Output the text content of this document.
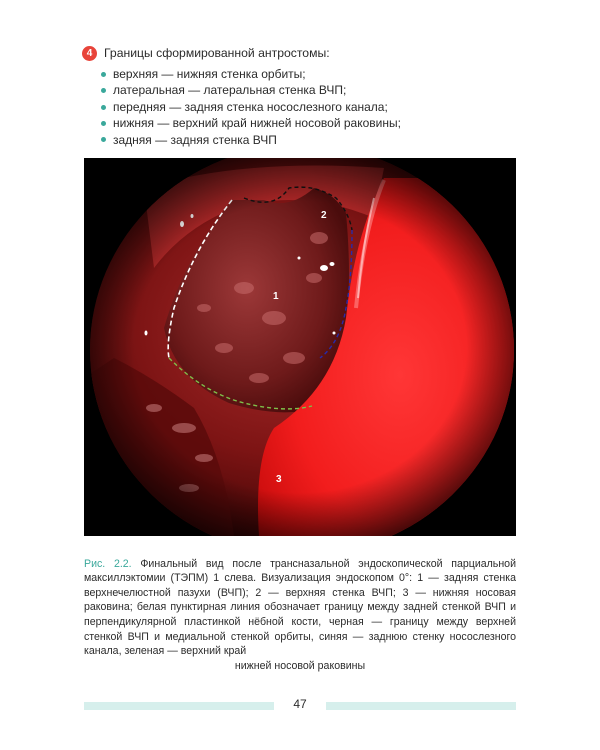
4 Границы сформированной антростомы:
верхняя — нижняя стенка орбиты;
латеральная — латеральная стенка ВЧП;
передняя — задняя стенка носослезного канала;
нижняя — верхний край нижней носовой раковины;
задняя — задняя стенка ВЧП
1
2
3

Рис. 2.2. Финальный вид после трансназальной эндоскопической парциальной максиллэктомии (ТЭПМ) 1 слева. Визуализация эндоскопом 0°: 1 — задняя стенка верхнечелюстной пазухи (ВЧП); 2 — верхняя стенка ВЧП; 3 — нижняя носовая раковина; белая пунктирная линия обозначает границу между задней стенкой ВЧП и перпендикулярной пластинкой нёбной кости, черная — границу между верхней стенкой ВЧП и медиальной стенкой орбиты, синяя — заднюю стенку носослезного канала, зеленая — верхний край
нижней носовой раковины

47
